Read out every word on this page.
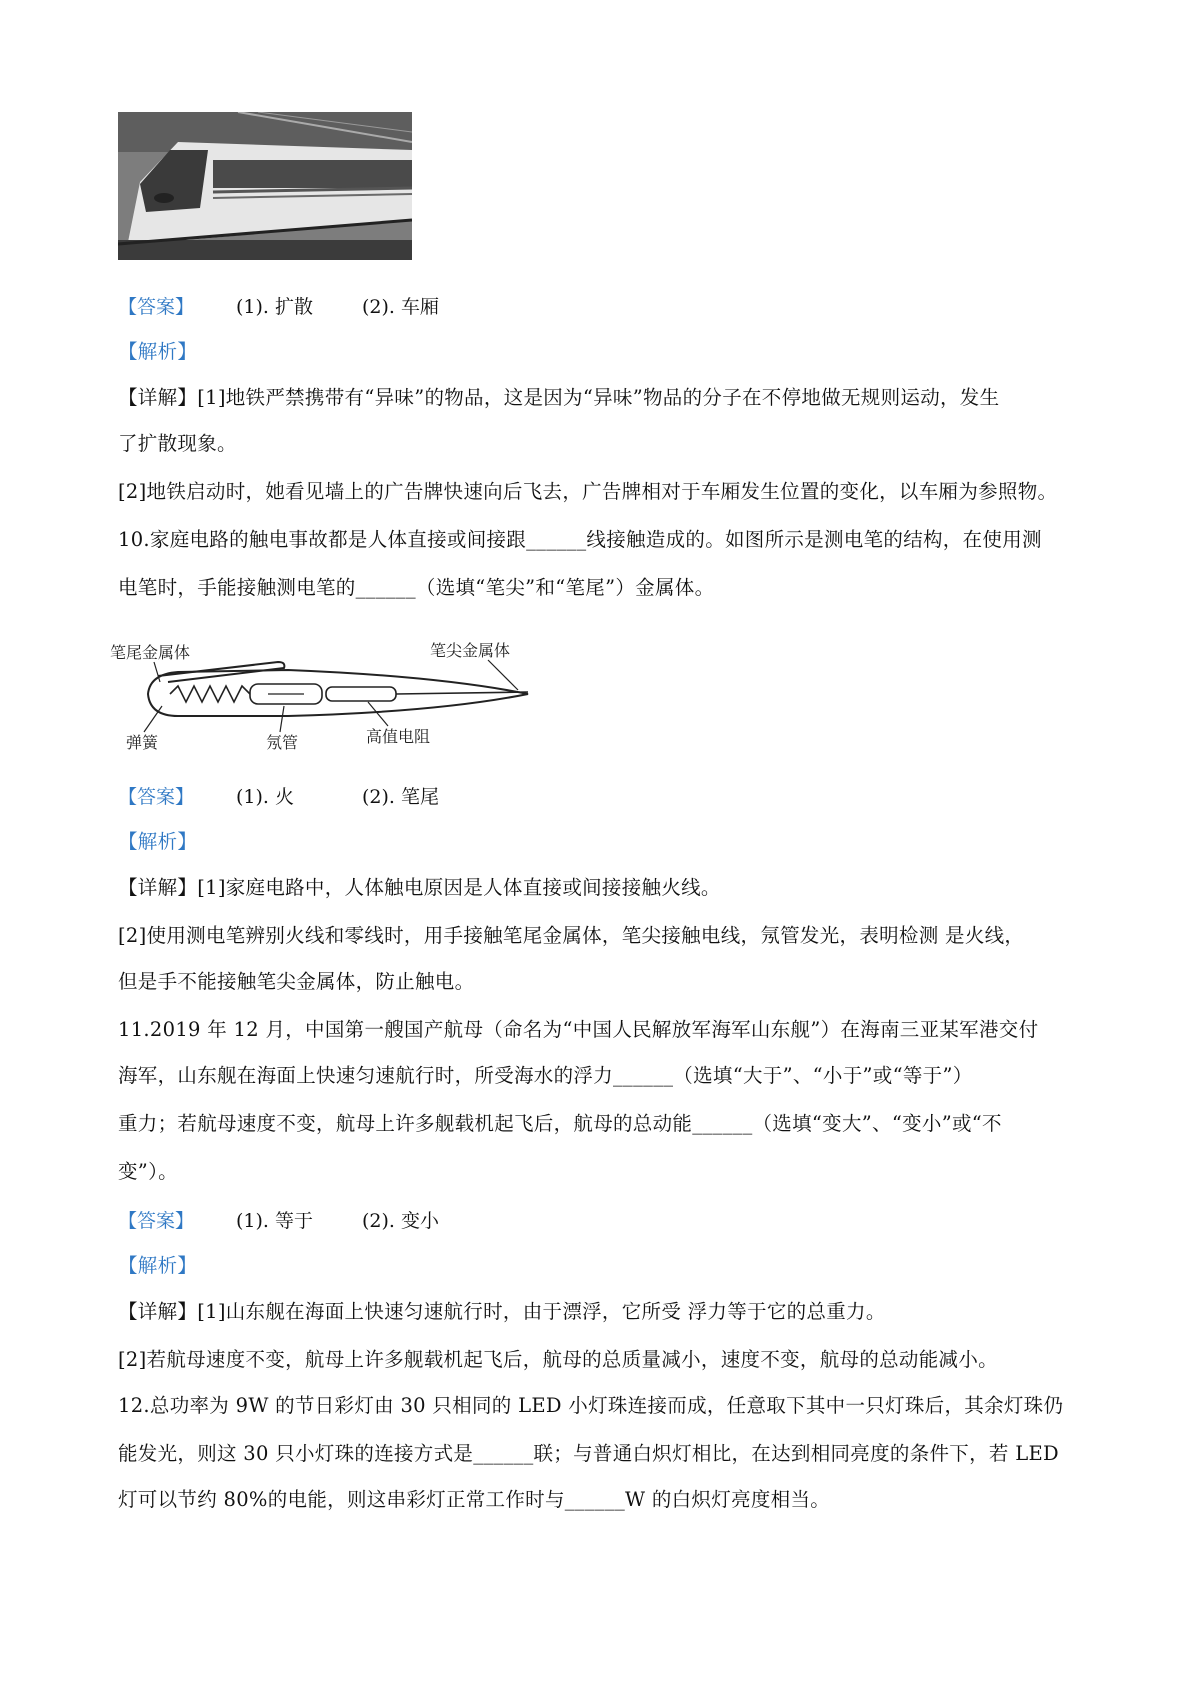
【答案】 (1). 扩散	(2). 车厢
【解析】
【详解】[1]地铁严禁携带有“异味”的物品，这是因为“异味”物品的分子在不停地做无规则运动，发生
了扩散现象。
[2]地铁启动时，她看见墙上的广告牌快速向后飞去，广告牌相对于车厢发生位置的变化，以车厢为参照物。
10.家庭电路的触电事故都是人体直接或间接跟______线接触造成的。如图所示是测电笔的结构，在使用测
电笔时，手能接触测电笔的______（选填“笔尖”和“笔尾”）金属体。
笔尾金属体	笔尖金属体
弹簧	氖管	高值电阻
【答案】 (1). 火	(2). 笔尾
【解析】
【详解】[1]家庭电路中，人体触电原因是人体直接或间接接触火线。
[2]使用测电笔辨别火线和零线时，用手接触笔尾金属体，笔尖接触电线，氖管发光，表明检测 是火线，
但是手不能接触笔尖金属体，防止触电。
11.2019 年 12 月，中国第一艘国产航母（命名为“中国人民解放军海军山东舰”）在海南三亚某军港交付
海军，山东舰在海面上快速匀速航行时，所受海水的浮力______（选填“大于”、“小于”或“等于”）
重力；若航母速度不变，航母上许多舰载机起飞后，航母的总动能______（选填“变大”、“变小”或“不
变”）。
【答案】 (1). 等于	(2). 变小
【解析】
【详解】[1]山东舰在海面上快速匀速航行时，由于漂浮，它所受 浮力等于它的总重力。
[2]若航母速度不变，航母上许多舰载机起飞后，航母的总质量减小，速度不变，航母的总动能减小。
12.总功率为 9W 的节日彩灯由 30 只相同的 LED 小灯珠连接而成，任意取下其中一只灯珠后，其余灯珠仍
能发光，则这 30 只小灯珠的连接方式是______联；与普通白炽灯相比，在达到相同亮度的条件下，若 LED
灯可以节约 80%的电能，则这串彩灯正常工作时与______W 的白炽灯亮度相当。
